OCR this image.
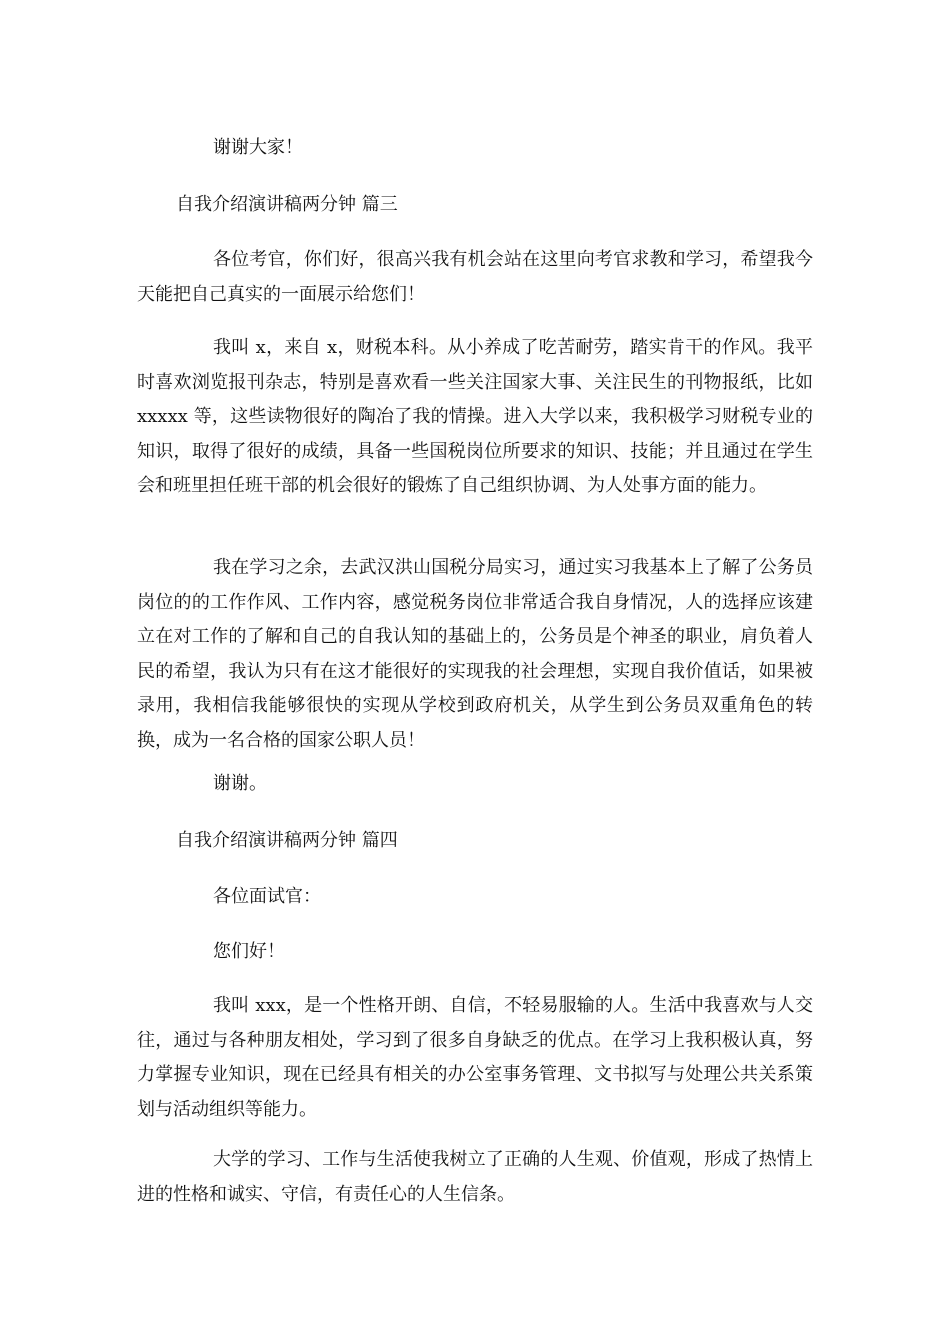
谢谢大家！

自我介绍演讲稿两分钟 篇三

各位考官，你们好，很高兴我有机会站在这里向考官求教和学习，希望我今天能把自己真实的一面展示给您们！

我叫 x，来自 x，财税本科。从小养成了吃苦耐劳，踏实肯干的作风。我平时喜欢浏览报刊杂志，特别是喜欢看一些关注国家大事、关注民生的刊物报纸，比如 xxxxx 等，这些读物很好的陶冶了我的情操。进入大学以来，我积极学习财税专业的知识，取得了很好的成绩，具备一些国税岗位所要求的知识、技能；并且通过在学生会和班里担任班干部的机会很好的锻炼了自己组织协调、为人处事方面的能力。

我在学习之余，去武汉洪山国税分局实习，通过实习我基本上了解了公务员岗位的的工作作风、工作内容，感觉税务岗位非常适合我自身情况，人的选择应该建立在对工作的了解和自己的自我认知的基础上的，公务员是个神圣的职业，肩负着人民的希望，我认为只有在这才能很好的实现我的社会理想，实现自我价值话，如果被录用，我相信我能够很快的实现从学校到政府机关，从学生到公务员双重角色的转换，成为一名合格的国家公职人员！

谢谢。

自我介绍演讲稿两分钟 篇四

各位面试官：

您们好！

我叫 xxx，是一个性格开朗、自信，不轻易服输的人。生活中我喜欢与人交往，通过与各种朋友相处，学习到了很多自身缺乏的优点。在学习上我积极认真，努力掌握专业知识，现在已经具有相关的办公室事务管理、文书拟写与处理公共关系策划与活动组织等能力。

大学的学习、工作与生活使我树立了正确的人生观、价值观，形成了热情上进的性格和诚实、守信，有责任心的人生信条。
